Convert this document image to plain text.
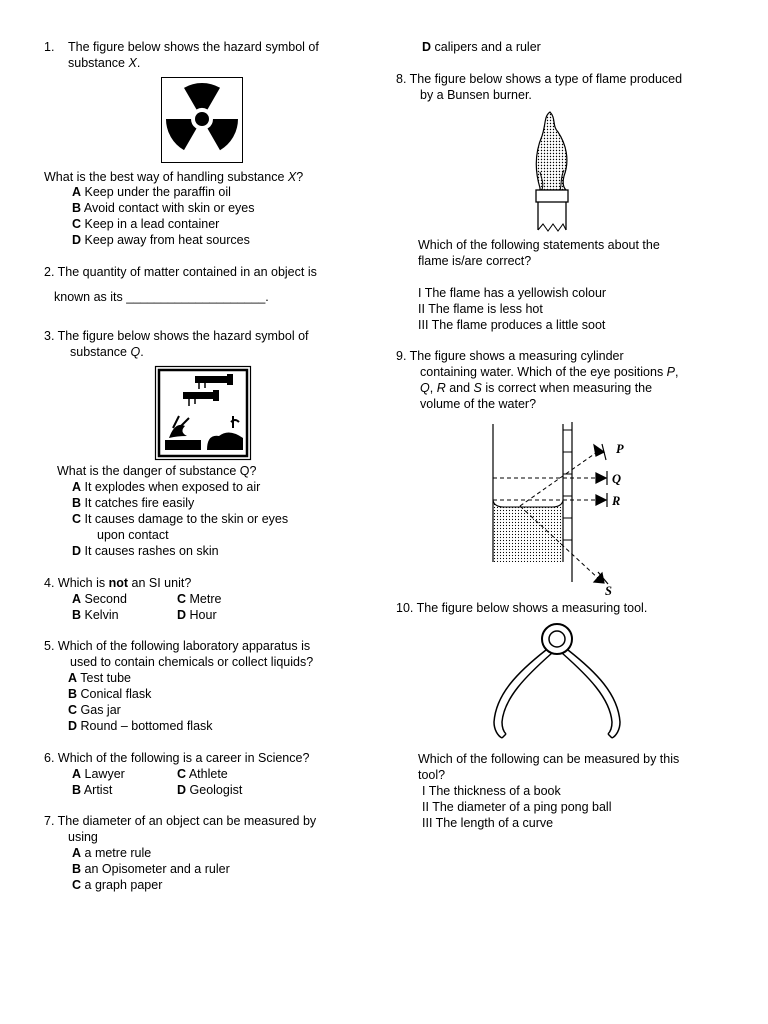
1. The figure below shows the hazard symbol of
substance X.
What is the best way of handling substance X?
A Keep under the paraffin oil
B Avoid contact with skin or eyes
C Keep in a lead container
D Keep away from heat sources
2. The quantity of matter contained in an object is
known as its ____________________.
3. The figure below shows the hazard symbol of
substance Q.
What is the danger of substance Q?
A It explodes when exposed to air
B It catches fire easily
C It causes damage to the skin or eyes
upon contact
D It causes rashes on skin
4. Which is not an SI unit?
A Second	C Metre
B Kelvin	D Hour
5. Which of the following laboratory apparatus is
used to contain chemicals or collect liquids?
A Test tube
B Conical flask
C Gas jar
D Round – bottomed flask
6. Which of the following is a career in Science?
A Lawyer	C Athlete
B Artist	D Geologist
7. The diameter of an object can be measured by
using
A a metre rule
B an Opisometer and a ruler
C a graph paper
D calipers and a ruler
8. The figure below shows a type of flame produced
by a Bunsen burner.
Which of the following statements about the
flame is/are correct?
I The flame has a yellowish colour
II The flame is less hot
III The flame produces a little soot
9. The figure shows a measuring cylinder
containing water. Which of the eye positions P,
Q, R and S is correct when measuring the
volume of the water?
P
Q
R
S
10. The figure below shows a measuring tool.
Which of the following can be measured by this
tool?
I The thickness of a book
II The diameter of a ping pong ball
III The length of a curve
